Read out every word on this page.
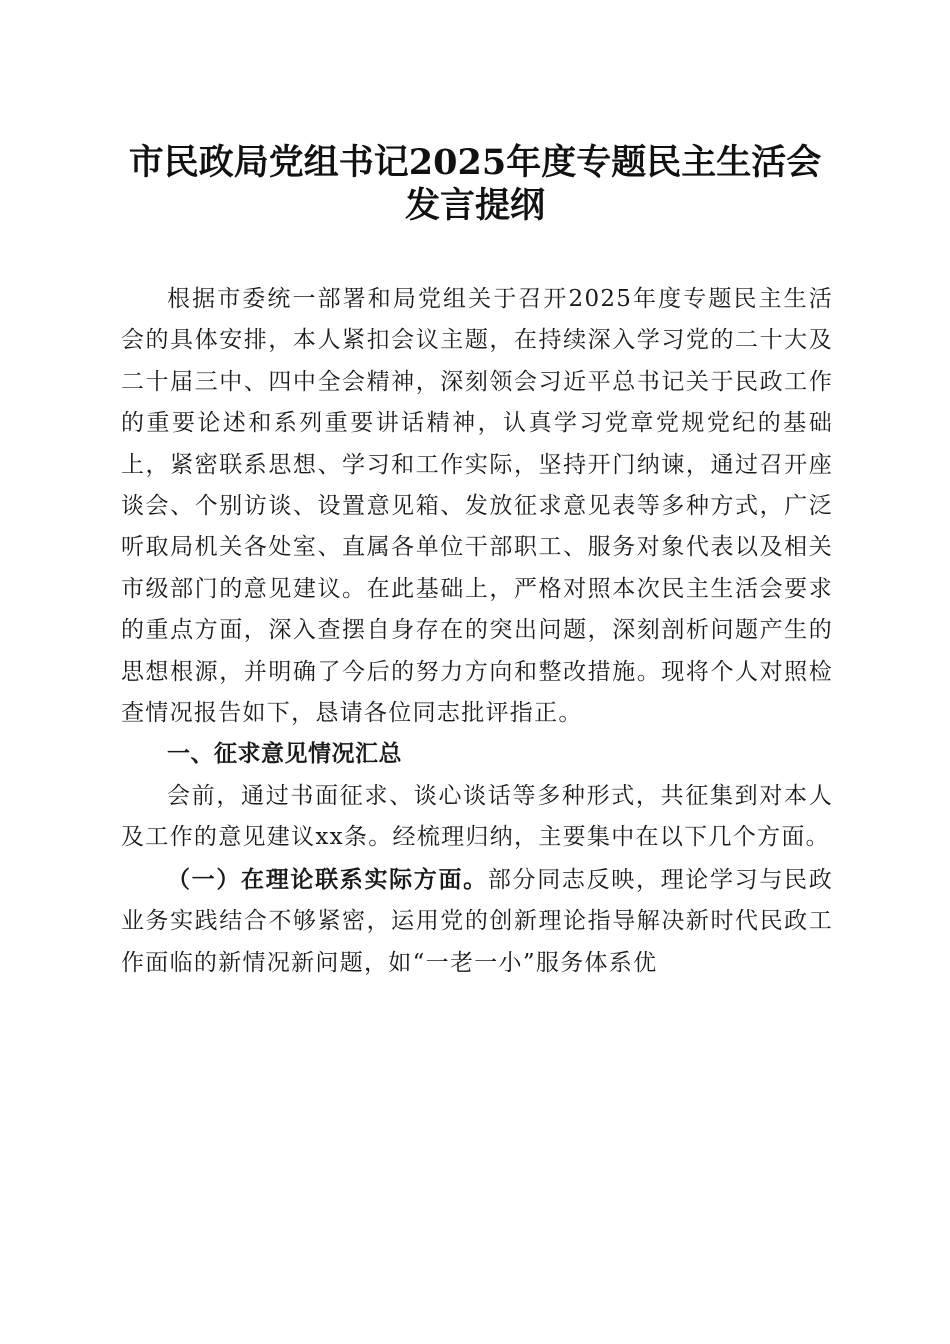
市民政局党组书记2025年度专题民主生活会
发言提纲

根据市委统一部署和局党组关于召开2025年度专题民主生活会的具体安排，本人紧扣会议主题，在持续深入学习党的二十大及二十届三中、四中全会精神，深刻领会习近平总书记关于民政工作的重要论述和系列重要讲话精神，认真学习党章党规党纪的基础上，紧密联系思想、学习和工作实际，坚持开门纳谏，通过召开座谈会、个别访谈、设置意见箱、发放征求意见表等多种方式，广泛听取局机关各处室、直属各单位干部职工、服务对象代表以及相关市级部门的意见建议。在此基础上，严格对照本次民主生活会要求的重点方面，深入查摆自身存在的突出问题，深刻剖析问题产生的思想根源，并明确了今后的努力方向和整改措施。现将个人对照检查情况报告如下，恳请各位同志批评指正。

一、征求意见情况汇总

会前，通过书面征求、谈心谈话等多种形式，共征集到对本人及工作的意见建议xx条。经梳理归纳，主要集中在以下几个方面。

（一）在理论联系实际方面。部分同志反映，理论学习与民政业务实践结合不够紧密，运用党的创新理论指导解决新时代民政工作面临的新情况新问题，如“一老一小”服务体系优
